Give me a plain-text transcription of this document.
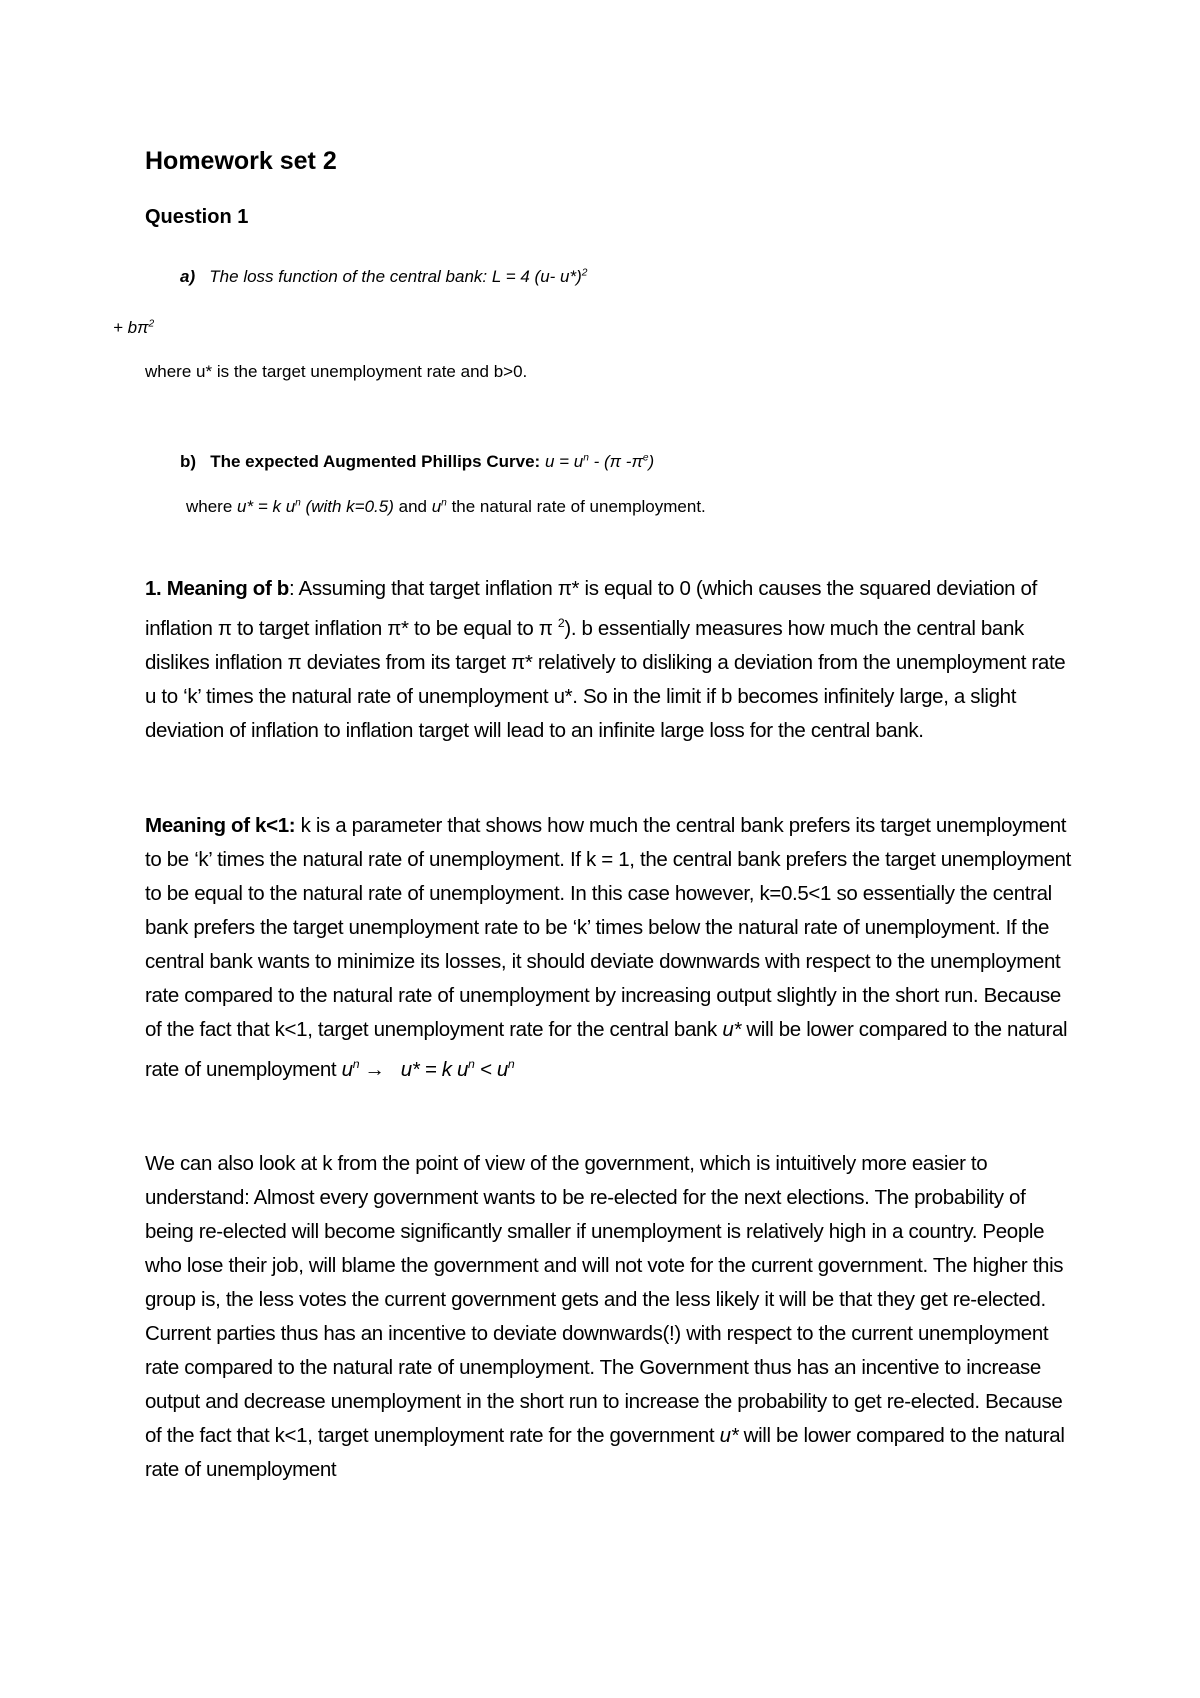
Homework set 2
Question 1
a) The loss function of the central bank: L = 4 (u- u*)$^2$
+ $b\pi^2$
where u* is the target unemployment rate and b>0.
b) The expected Augmented Phillips Curve: $u = u^n - (\pi$ $-\pi^e$)
where u* = k $u^n$ (with k=0.5) and $u^n$ the natural rate of unemployment.
1. Meaning of b: Assuming that target inflation π* is equal to 0 (which causes the squared deviation of inflation π to target inflation π* to be equal to π $^2$). b essentially measures how much the central bank dislikes inflation π deviates from its target π* relatively to disliking a deviation from the unemployment rate u to ‘k’ times the natural rate of unemployment u*. So in the limit if b becomes infinitely large, a slight deviation of inflation to inflation target will lead to an infinite large loss for the central bank.
Meaning of k<1: k is a parameter that shows how much the central bank prefers its target unemployment to be ‘k’ times the natural rate of unemployment. If k = 1, the central bank prefers the target unemployment to be equal to the natural rate of unemployment. In this case however, k=0.5<1 so essentially the central bank prefers the target unemployment rate to be ‘k’ times below the natural rate of unemployment. If the central bank wants to minimize its losses, it should deviate downwards with respect to the unemployment rate compared to the natural rate of unemployment by increasing output slightly in the short run. Because of the fact that k<1, target unemployment rate for the central bank u* will be lower compared to the natural rate of unemployment $u^n \to u* = k$ $u^n < u^n$
We can also look at k from the point of view of the government, which is intuitively more easier to understand: Almost every government wants to be re-elected for the next elections. The probability of being re-elected will become significantly smaller if unemployment is relatively high in a country. People who lose their job, will blame the government and will not vote for the current government. The higher this group is, the less votes the current government gets and the less likely it will be that they get re-elected. Current parties thus has an incentive to deviate downwards(!) with respect to the current unemployment rate compared to the natural rate of unemployment. The Government thus has an incentive to increase output and decrease unemployment in the short run to increase the probability to get re-elected. Because of the fact that k<1, target unemployment rate for the government u* will be lower compared to the natural rate of unemployment
